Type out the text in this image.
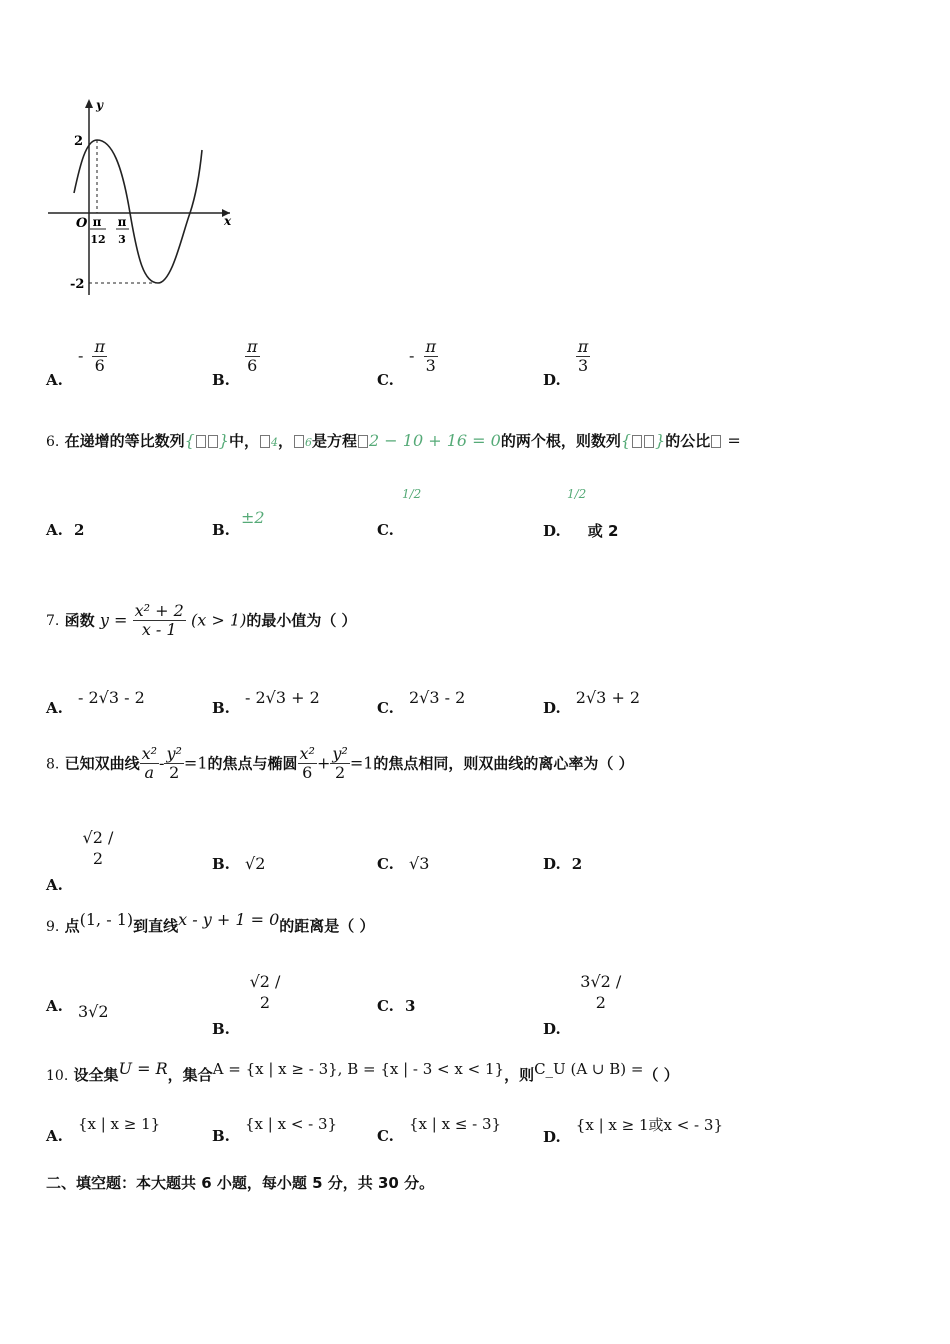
y
x
O
2
-2
π
12
π
3
A. - $\frac{\pi}{6}$
B.
$\frac{\pi}{6}$
C. - $\frac{\pi}{3}$
D.
$\frac{\pi}{3}$
6. 在递增的等比数列{ }中， 4， 6是方程 2 − 10 + 16 = 0的两个根，则数列{ }的公比 =
A. 2	B. ±2
C.
1/2
D. 或 2
1/2
7. 函数 $y = \frac{\text{x² + 2}}{x - 1} (x > 1)$的最小值为（ ）
A. - 2√3 - 2
B. - 2√3 + 2
C. 2√3 - 2
D. 2√3 + 2
8. 已知双曲线 $\frac{\text{x²}}{a} - \frac{\text{y²}}{2} =1$的焦点与椭圆 $\frac{\text{x²}}{6} + \frac{\text{y²}}{2} =1$的焦点相同，则双曲线的离心率为（ ）
A. √2 / 2	B. √2	C. √3	D. 2
9. 点(1, - 1)到直线x - y + 1 = 0的距离是（ ）
A. 3√2
B. √2 / 2	C. 3
D. 3√2 / 2
10. 设全集U = R，集合A = {x | x ≥ - 3}, B = {x | - 3 < x < 1}，则C_U (A ∪ B) =（ ）
A. {x | x ≥ 1}
B. {x | x < - 3}
C. {x | x ≤ - 3}
D. {x | x ≥ 1或x < - 3}
二、填空题：本大题共 6 小题，每小题 5 分，共 30 分。
